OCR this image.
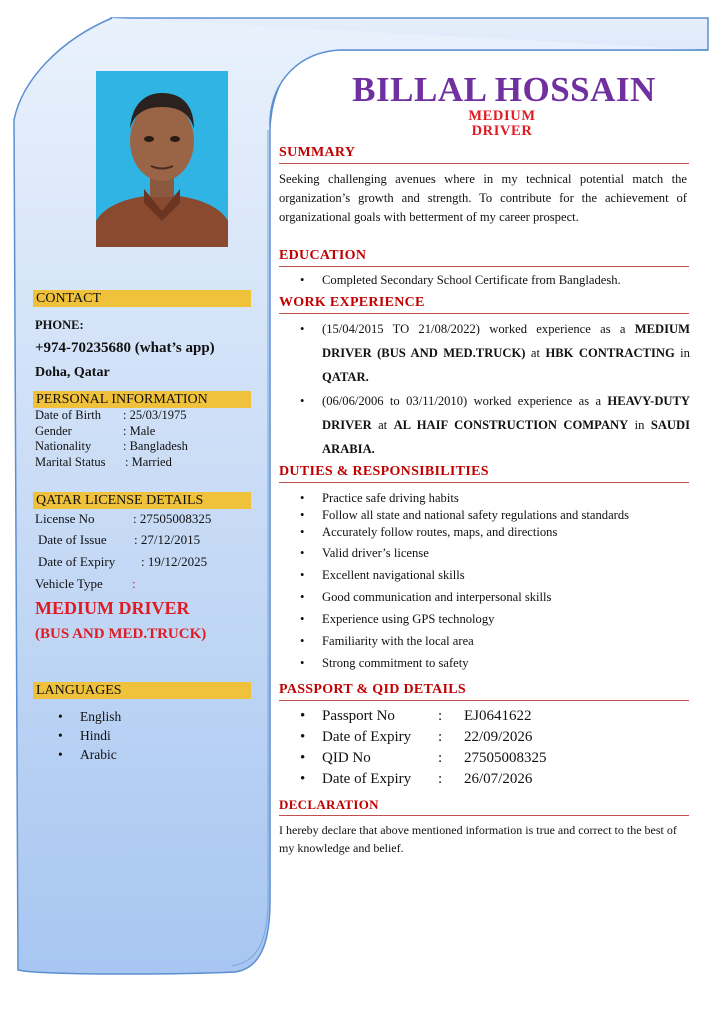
CONTACT
PHONE:
+974-70235680 (what’s app)
Doha, Qatar
PERSONAL INFORMATION
Date of Birth : 25/03/1975
Gender	: Male
Nationality	: Bangladesh
Marital Status : Married
QATAR LICENSE DETAILS
License No	: 27505008325
Date of Issue : 27/12/2015
Date of Expiry : 19/12/2025
Vehicle Type :
MEDIUM DRIVER
(BUS AND MED.TRUCK)
LANGUAGES
• English
• Hindi
• Arabic
BILLAL HOSSAIN
MEDIUM
DRIVER
SUMMARY
Seeking challenging avenues where in my technical potential match the organization’s growth and strength. To contribute for the achievement of organizational goals with betterment of my career prospect.
EDUCATION
• Completed Secondary School Certificate from Bangladesh.
WORK EXPERIENCE
• (15/04/2015 TO 21/08/2022) worked experience as a MEDIUM DRIVER (BUS AND MED.TRUCK) at HBK CONTRACTING in QATAR.
• (06/06/2006 to 03/11/2010) worked experience as a HEAVY-DUTY DRIVER at AL HAIF CONSTRUCTION COMPANY in SAUDI ARABIA.
DUTIES & RESPONSIBILITIES
• Practice safe driving habits
• Follow all state and national safety regulations and standards
• Accurately follow routes, maps, and directions
• Valid driver’s license
• Excellent navigational skills
• Good communication and interpersonal skills
• Experience using GPS technology
• Familiarity with the local area
• Strong commitment to safety
PASSPORT & QID DETAILS
• Passport No	: EJ0641622
• Date of Expiry : 22/09/2026
• QID No	: 27505008325
• Date of Expiry : 26/07/2026
DECLARATION
I hereby declare that above mentioned information is true and correct to the best of my knowledge and belief.
